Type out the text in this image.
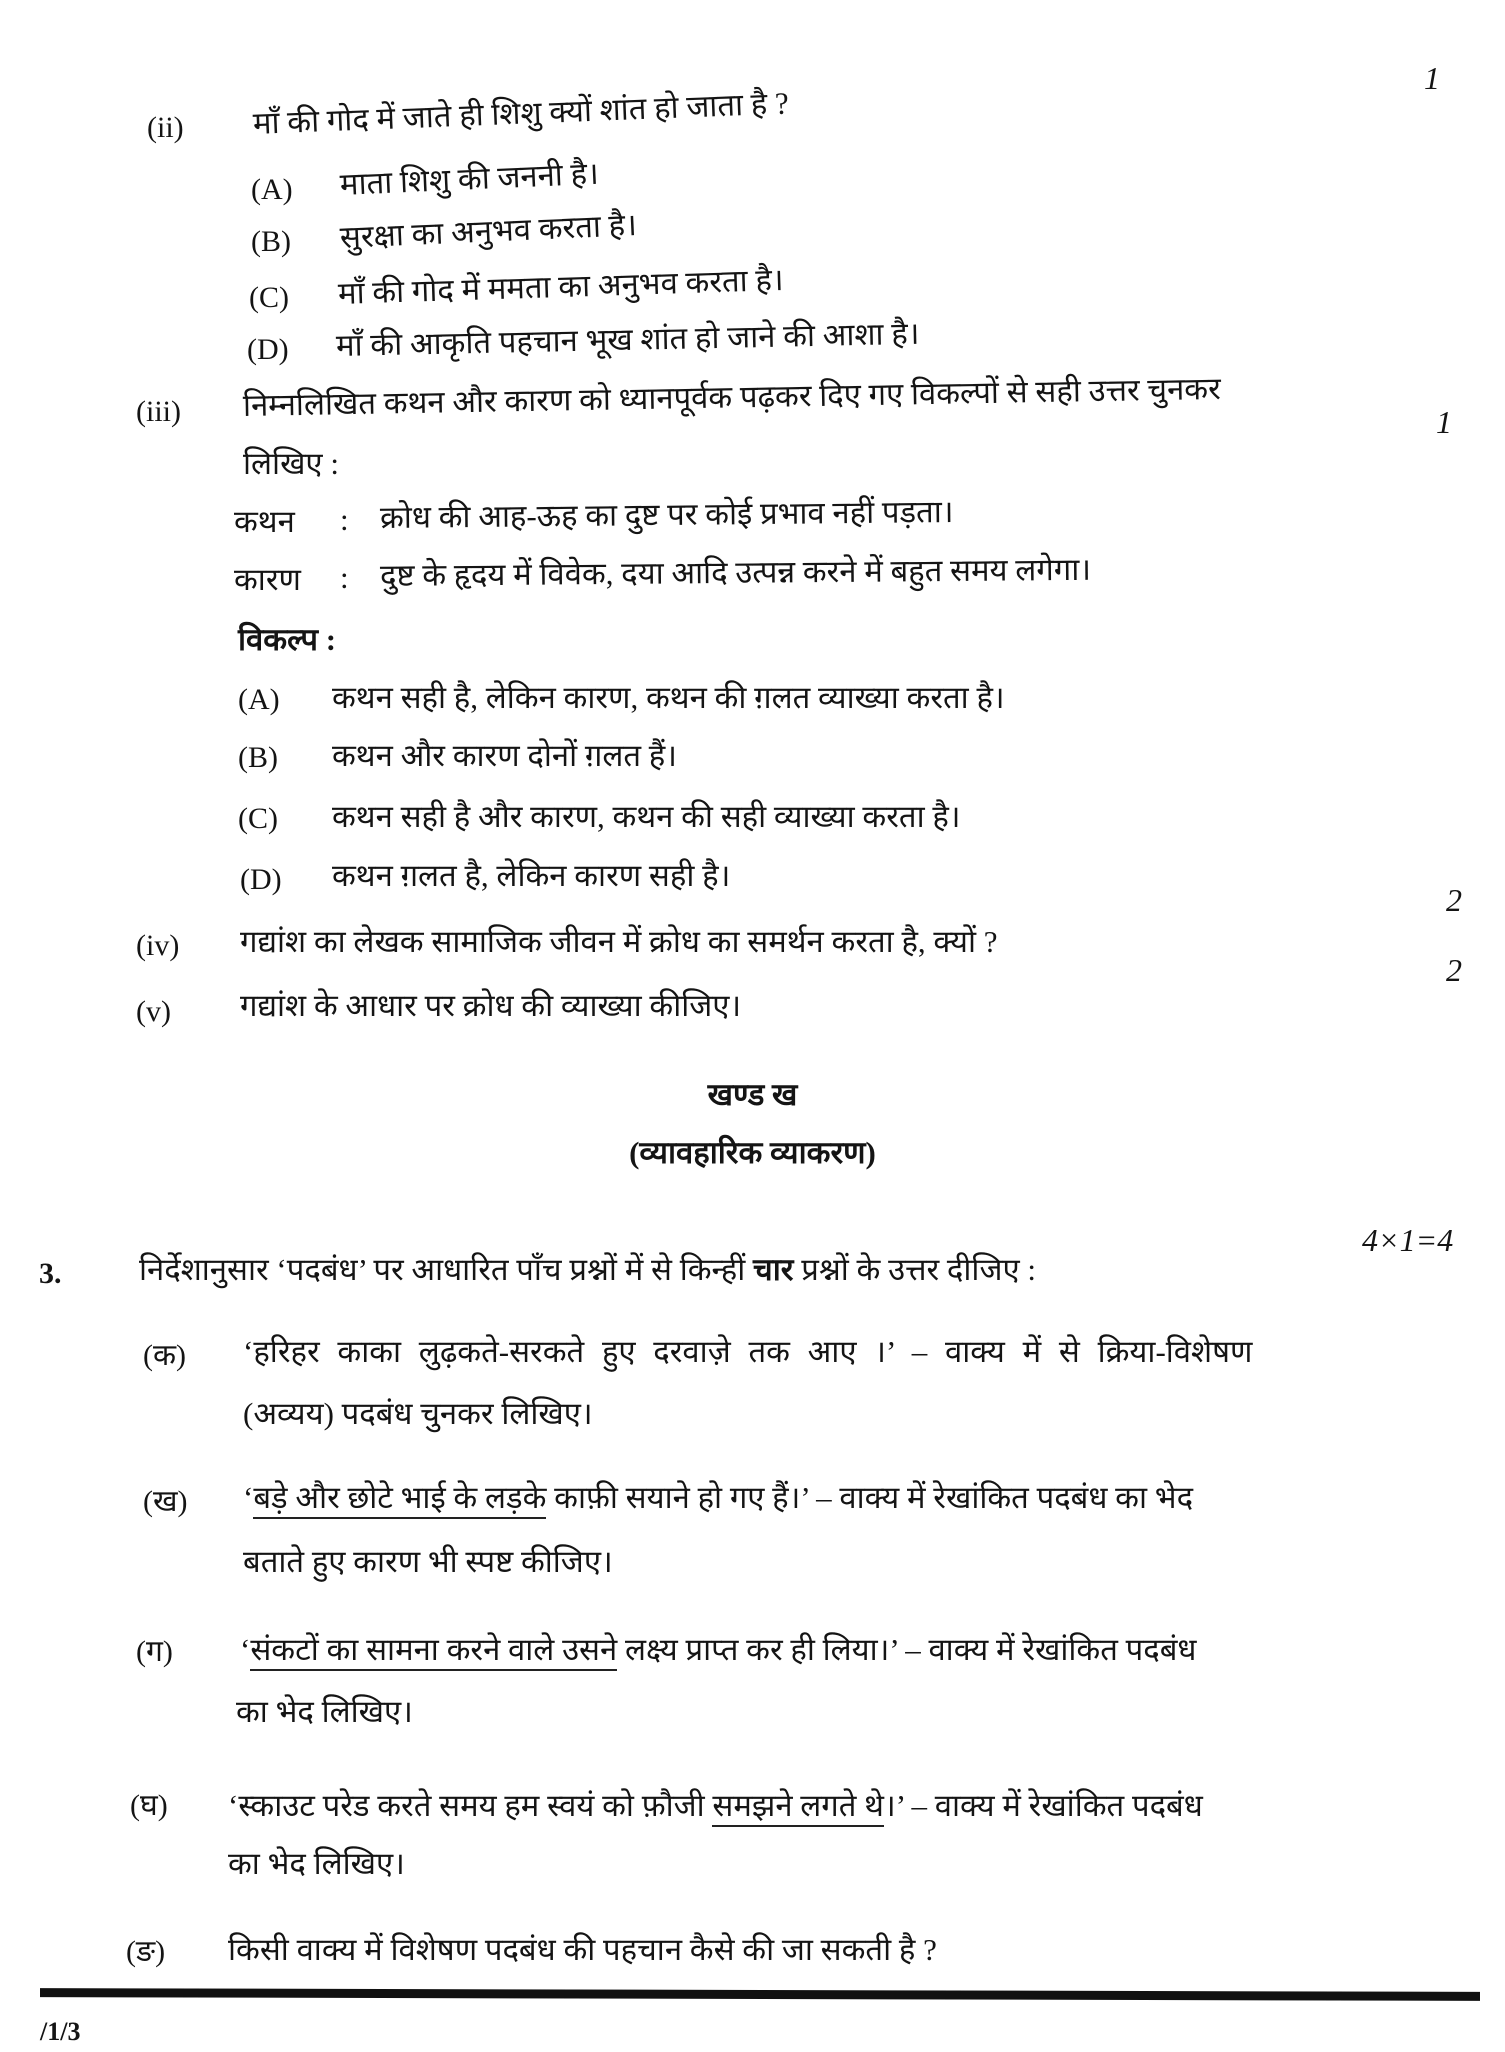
(ii) माँ की गोद में जाते ही शिशु क्यों शांत हो जाता है ?
1
(A) माता शिशु की जननी है।
(B) सुरक्षा का अनुभव करता है।
(C) माँ की गोद में ममता का अनुभव करता है।
(D) माँ की आकृति पहचान भूख शांत हो जाने की आशा है।
(iii) निम्नलिखित कथन और कारण को ध्यानपूर्वक पढ़कर दिए गए विकल्पों से सही उत्तर चुनकर	1
लिखिए :
कथन : क्रोध की आह-ऊह का दुष्ट पर कोई प्रभाव नहीं पड़ता।
कारण : दुष्ट के हृदय में विवेक, दया आदि उत्पन्न करने में बहुत समय लगेगा।
विकल्प :
(A) कथन सही है, लेकिन कारण, कथन की ग़लत व्याख्या करता है।
(B) कथन और कारण दोनों ग़लत हैं।
(C) कथन सही है और कारण, कथन की सही व्याख्या करता है।
(D) कथन ग़लत है, लेकिन कारण सही है।
2
(iv) गद्यांश का लेखक सामाजिक जीवन में क्रोध का समर्थन करता है, क्यों ?
2
(v) गद्यांश के आधार पर क्रोध की व्याख्या कीजिए।
खण्ड ख
(व्यावहारिक व्याकरण)
3.	निर्देशानुसार ‘पदबंध’ पर आधारित पाँच प्रश्नों में से किन्हीं चार प्रश्नों के उत्तर दीजिए :
4×1=4
(क) ‘हरिहर काका लुढ़कते-सरकते हुए दरवाज़े तक आए ।’ – वाक्य में से क्रिया-विशेषण
(अव्यय) पदबंध चुनकर लिखिए।
(ख) ‘बड़े और छोटे भाई के लड़के काफ़ी सयाने हो गए हैं।’ – वाक्य में रेखांकित पदबंध का भेद
बताते हुए कारण भी स्पष्ट कीजिए।
(ग) ‘संकटों का सामना करने वाले उसने लक्ष्य प्राप्त कर ही लिया।’ – वाक्य में रेखांकित पदबंध
का भेद लिखिए।
(घ) ‘स्काउट परेड करते समय हम स्वयं को फ़ौजी समझने लगते थे।’ – वाक्य में रेखांकित पदबंध
का भेद लिखिए।
(ङ) किसी वाक्य में विशेषण पदबंध की पहचान कैसे की जा सकती है ?
/1/3
